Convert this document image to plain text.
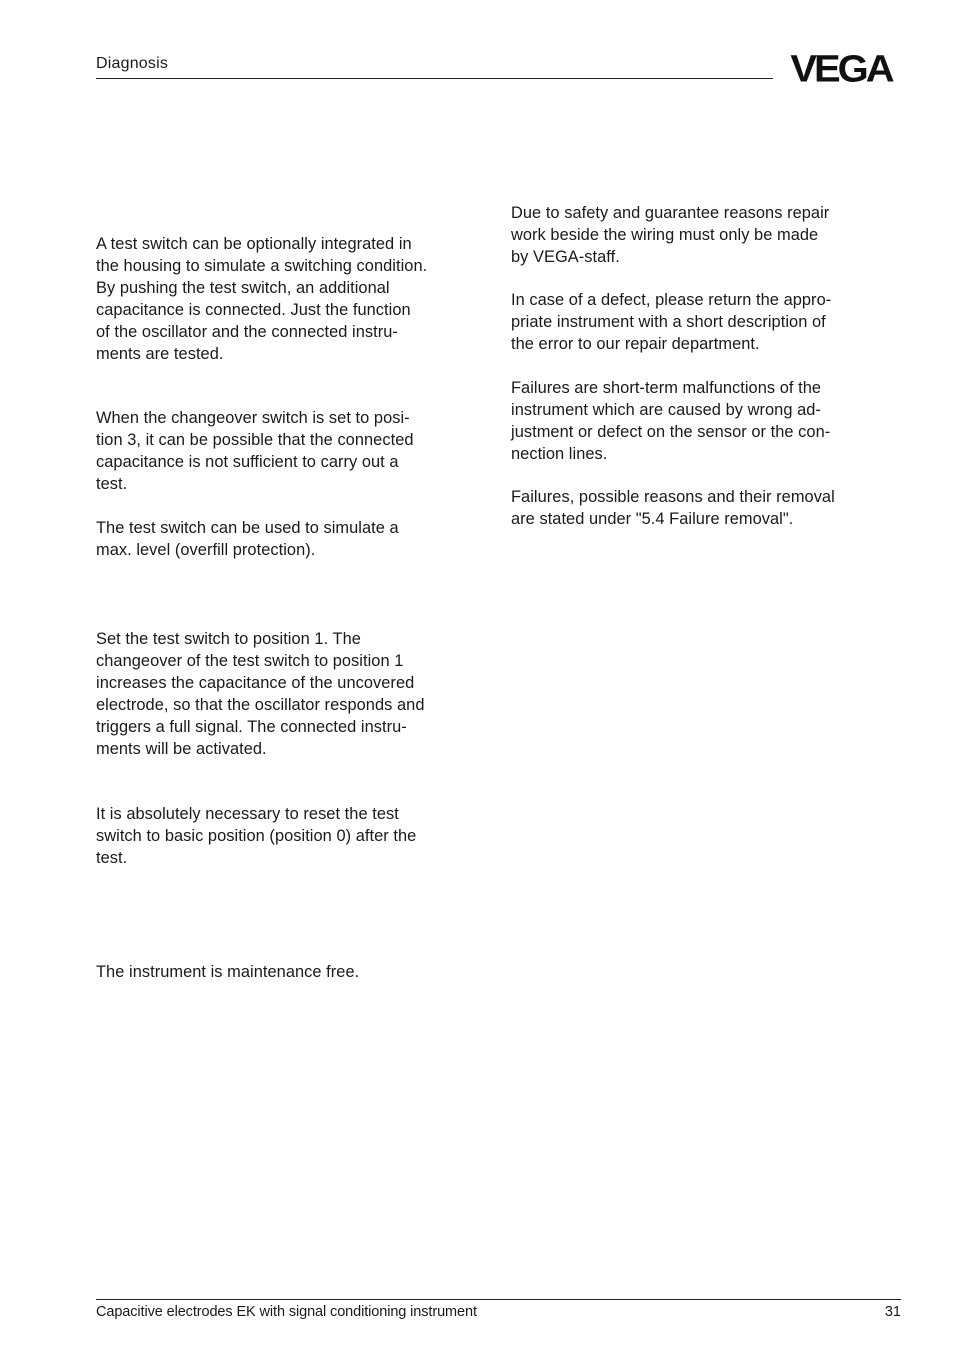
Diagnosis	VEGA

A test switch can be optionally integrated in
the housing to simulate a switching condition.
By pushing the test switch, an additional
capacitance is connected. Just the function
of the oscillator and the connected instru-
ments are tested.

When the changeover switch is set to posi-
tion 3, it can be possible that the connected
capacitance is not sufficient to carry out a
test.

The test switch can be used to simulate a
max. level (overfill protection).

Set the test switch to position 1. The
changeover of the test switch to position 1
increases the capacitance of the uncovered
electrode, so that the oscillator responds and
triggers a full signal. The connected instru-
ments will be activated.

It is absolutely necessary to reset the test
switch to basic position (position 0) after the
test.

The instrument is maintenance free.

Due to safety and guarantee reasons repair
work beside the wiring must only be made
by VEGA-staff.

In case of a defect, please return the appro-
priate instrument with a short description of
the error to our repair department.

Failures are short-term malfunctions of the
instrument which are caused by wrong ad-
justment or defect on the sensor or the con-
nection lines.

Failures, possible reasons and their removal
are stated under "5.4 Failure removal".

Capacitive electrodes EK with signal conditioning instrument	31
